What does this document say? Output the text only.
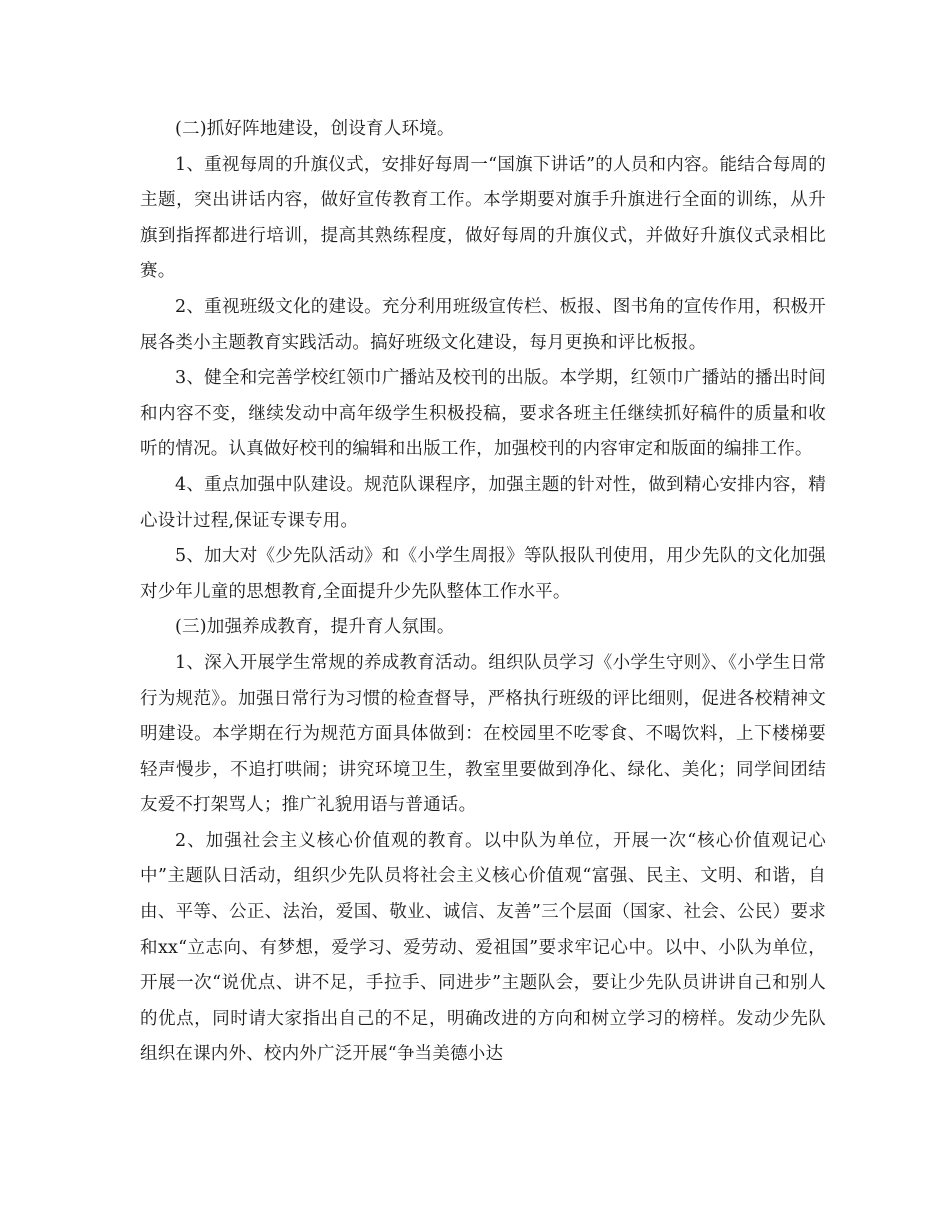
(二)抓好阵地建设，创设育人环境。

1、重视每周的升旗仪式，安排好每周一“国旗下讲话”的人员和内容。能结合每周的主题，突出讲话内容，做好宣传教育工作。本学期要对旗手升旗进行全面的训练，从升旗到指挥都进行培训，提高其熟练程度，做好每周的升旗仪式，并做好升旗仪式录相比赛。

2、重视班级文化的建设。充分利用班级宣传栏、板报、图书角的宣传作用，积极开展各类小主题教育实践活动。搞好班级文化建设，每月更换和评比板报。

3、健全和完善学校红领巾广播站及校刊的出版。本学期，红领巾广播站的播出时间和内容不变，继续发动中高年级学生积极投稿，要求各班主任继续抓好稿件的质量和收听的情况。认真做好校刊的编辑和出版工作，加强校刊的内容审定和版面的编排工作。

4、重点加强中队建设。规范队课程序，加强主题的针对性，做到精心安排内容，精心设计过程,保证专课专用。

5、加大对《少先队活动》和《小学生周报》等队报队刊使用，用少先队的文化加强对少年儿童的思想教育,全面提升少先队整体工作水平。

(三)加强养成教育，提升育人氛围。

1、深入开展学生常规的养成教育活动。组织队员学习《小学生守则》、《小学生日常行为规范》。加强日常行为习惯的检查督导，严格执行班级的评比细则，促进各校精神文明建设。本学期在行为规范方面具体做到：在校园里不吃零食、不喝饮料，上下楼梯要轻声慢步，不追打哄闹；讲究环境卫生，教室里要做到净化、绿化、美化；同学间团结友爱不打架骂人；推广礼貌用语与普通话。

2、加强社会主义核心价值观的教育。以中队为单位，开展一次“核心价值观记心中”主题队日活动，组织少先队员将社会主义核心价值观“富强、民主、文明、和谐，自由、平等、公正、法治，爱国、敬业、诚信、友善”三个层面（国家、社会、公民）要求和xx“立志向、有梦想，爱学习、爱劳动、爱祖国”要求牢记心中。以中、小队为单位，开展一次“说优点、讲不足，手拉手、同进步”主题队会，要让少先队员讲讲自己和别人的优点，同时请大家指出自己的不足，明确改进的方向和树立学习的榜样。发动少先队组织在课内外、校内外广泛开展“争当美德小达
